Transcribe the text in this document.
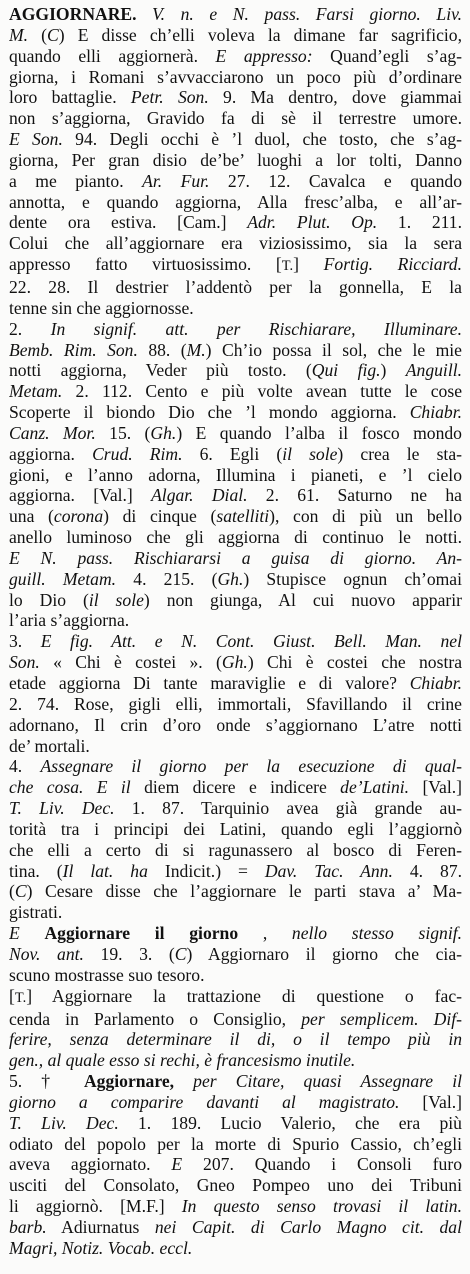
AGGIORNARE. V. n. e N. pass. Farsi giorno. Liv.
M. (C) E disse ch’elli voleva la dimane far sagrificio,
quando elli aggiornerà. E appresso: Quand’egli s’ag-
giorna, i Romani s’avvacciarono un poco più d’ordinare
loro battaglie. Petr. Son. 9. Ma dentro, dove giammai
non s’aggiorna, Gravido fa di sè il terrestre umore.
E Son. 94. Degli occhi è ’l duol, che tosto, che s’ag-
giorna, Per gran disio de’be’ luoghi a lor tolti, Danno
a me pianto. Ar. Fur. 27. 12. Cavalca e quando
annotta, e quando aggiorna, Alla fresc’alba, e all’ar-
dente ora estiva. [Cam.] Adr. Plut. Op. 1. 211.
Colui che all’aggiornare era viziosissimo, sia la sera
appresso fatto virtuosissimo. [T.] Fortig. Ricciard.
22. 28. Il destrier l’addentò per la gonnella, E la
tenne sin che aggiornosse.
2. In signif. att. per Rischiarare, Illuminare.
Bemb. Rim. Son. 88. (M.) Ch’io possa il sol, che le mie
notti aggiorna, Veder più tosto. (Qui fig.) Anguill.
Metam. 2. 112. Cento e più volte avean tutte le cose
Scoperte il biondo Dio che ’l mondo aggiorna. Chiabr.
Canz. Mor. 15. (Gh.) E quando l’alba il fosco mondo
aggiorna. Crud. Rim. 6. Egli (il sole) crea le sta-
gioni, e l’anno adorna, Illumina i pianeti, e ’l cielo
aggiorna. [Val.] Algar. Dial. 2. 61. Saturno ne ha
una (corona) di cinque (satelliti), con di più un bello
anello luminoso che gli aggiorna di continuo le notti.
E N. pass. Rischiararsi a guisa di giorno. An-
guill. Metam. 4. 215. (Gh.) Stupisce ognun ch’omai
lo Dio (il sole) non giunga, Al cui nuovo apparir
l’aria s’aggiorna.
3. E fig. Att. e N. Cont. Giust. Bell. Man. nel
Son. « Chi è costei ». (Gh.) Chi è costei che nostra
etade aggiorna Di tante maraviglie e di valore? Chiabr.
2. 74. Rose, gigli elli, immortali, Sfavillando il crine
adornano, Il crin d’oro onde s’aggiornano L’atre notti
de’ mortali.
4. Assegnare il giorno per la esecuzione di qual-
che cosa. E il diem dicere e indicere de’Latini. [Val.]
T. Liv. Dec. 1. 87. Tarquinio avea già grande au-
torità tra i principi dei Latini, quando egli l’aggiornò
che elli a certo di si ragunassero al bosco di Feren-
tina. (Il lat. ha Indicit.) = Dav. Tac. Ann. 4. 87.
(C) Cesare disse che l’aggiornare le parti stava a’ Ma-
gistrati.
E Aggiornare il giorno , nello stesso signif.
Nov. ant. 19. 3. (C) Aggiornaro il giorno che cia-
scuno mostrasse suo tesoro.
[T.] Aggiornare la trattazione di questione o fac-
cenda in Parlamento o Consiglio, per semplicem. Dif-
ferire, senza determinare il di, o il tempo più in
gen., al quale esso si rechi, è francesismo inutile.
5. † Aggiornare, per Citare, quasi Assegnare il
giorno a comparire davanti al magistrato. [Val.]
T. Liv. Dec. 1. 189. Lucio Valerio, che era più
odiato del popolo per la morte di Spurio Cassio, ch’egli
aveva aggiornato. E 207. Quando i Consoli furo
usciti del Consolato, Gneo Pompeo uno dei Tribuni
li aggiornò. [M.F.] In questo senso trovasi il latin.
barb. Adiurnatus nei Capit. di Carlo Magno cit. dal
Magri, Notiz. Vocab. eccl.
